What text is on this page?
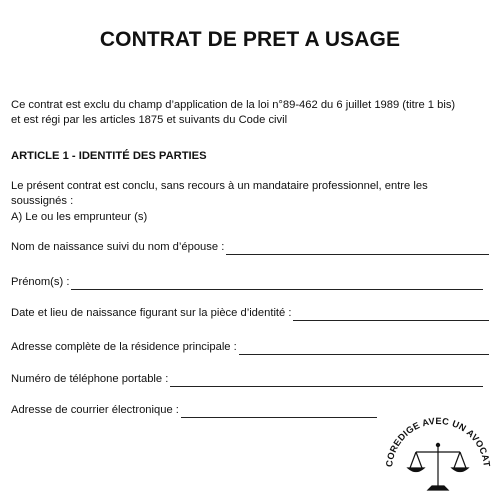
CONTRAT DE PRET A USAGE
Ce contrat est exclu du champ d’application de la loi n°89-462 du 6 juillet 1989 (titre 1 bis)
et est régi par les articles 1875 et suivants du Code civil
ARTICLE 1 - IDENTITÉ DES PARTIES
Le présent contrat est conclu, sans recours à un mandataire professionnel, entre les
soussignés :
A) Le ou les emprunteur (s)
Nom de naissance suivi du nom d’épouse :
Prénom(s) :
Date et lieu de naissance figurant sur la pièce d’identité :
Adresse complète de la résidence principale :
Numéro de téléphone portable :
Adresse de courrier électronique :
COREDIGE AVEC UN AVOCAT
